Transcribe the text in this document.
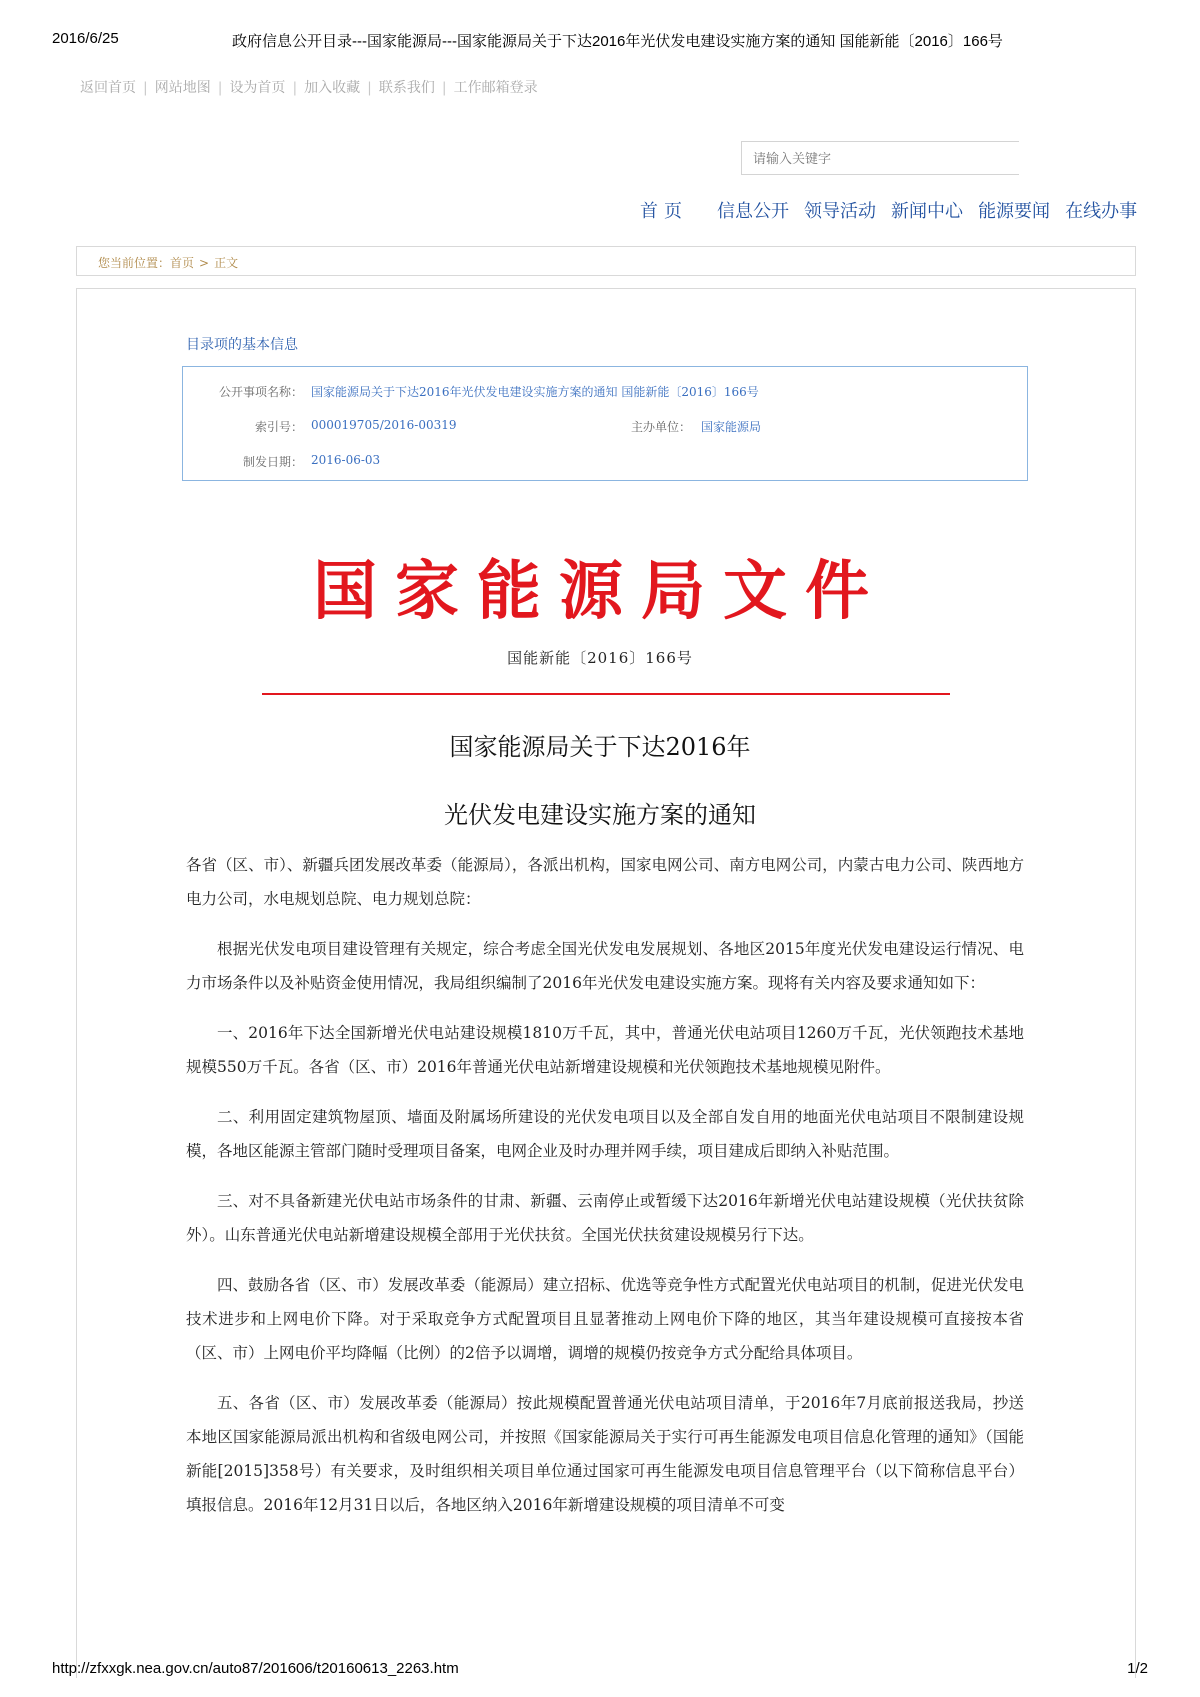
2016/6/25	政府信息公开目录---国家能源局---国家能源局关于下达2016年光伏发电建设实施方案的通知 国能新能〔2016〕166号
返回首页 | 网站地图 | 设为首页 | 加入收藏 | 联系我们 | 工作邮箱登录
请输入关键字
首页 信息公开 领导活动 新闻中心 能源要闻 在线办事
您当前位置：首页 > 正文
目录项的基本信息
公开事项名称： 国家能源局关于下达2016年光伏发电建设实施方案的通知 国能新能〔2016〕166号
索引号： 000019705/2016-00319	主办单位： 国家能源局
制发日期： 2016-06-03
国家能源局文件
国能新能〔2016〕166号
国家能源局关于下达2016年
光伏发电建设实施方案的通知

各省（区、市）、新疆兵团发展改革委（能源局），各派出机构，国家电网公司、南方电网公司，内蒙古电力公司、陕西地方电力公司，水电规划总院、电力规划总院：

根据光伏发电项目建设管理有关规定，综合考虑全国光伏发电发展规划、各地区2015年度光伏发电建设运行情况、电力市场条件以及补贴资金使用情况，我局组织编制了2016年光伏发电建设实施方案。现将有关内容及要求通知如下：

一、2016年下达全国新增光伏电站建设规模1810万千瓦，其中，普通光伏电站项目1260万千瓦，光伏领跑技术基地规模550万千瓦。各省（区、市）2016年普通光伏电站新增建设规模和光伏领跑技术基地规模见附件。

二、利用固定建筑物屋顶、墙面及附属场所建设的光伏发电项目以及全部自发自用的地面光伏电站项目不限制建设规模，各地区能源主管部门随时受理项目备案，电网企业及时办理并网手续，项目建成后即纳入补贴范围。

三、对不具备新建光伏电站市场条件的甘肃、新疆、云南停止或暂缓下达2016年新增光伏电站建设规模（光伏扶贫除外）。山东普通光伏电站新增建设规模全部用于光伏扶贫。全国光伏扶贫建设规模另行下达。

四、鼓励各省（区、市）发展改革委（能源局）建立招标、优选等竞争性方式配置光伏电站项目的机制，促进光伏发电技术进步和上网电价下降。对于采取竞争方式配置项目且显著推动上网电价下降的地区，其当年建设规模可直接按本省（区、市）上网电价平均降幅（比例）的2倍予以调增，调增的规模仍按竞争方式分配给具体项目。

五、各省（区、市）发展改革委（能源局）按此规模配置普通光伏电站项目清单，于2016年7月底前报送我局，抄送本地区国家能源局派出机构和省级电网公司，并按照《国家能源局关于实行可再生能源发电项目信息化管理的通知》（国能新能[2015]358号）有关要求，及时组织相关项目单位通过国家可再生能源发电项目信息管理平台（以下简称信息平台）填报信息。2016年12月31日以后，各地区纳入2016年新增建设规模的项目清单不可变

http://zfxxgk.nea.gov.cn/auto87/201606/t20160613_2263.htm	1/2
